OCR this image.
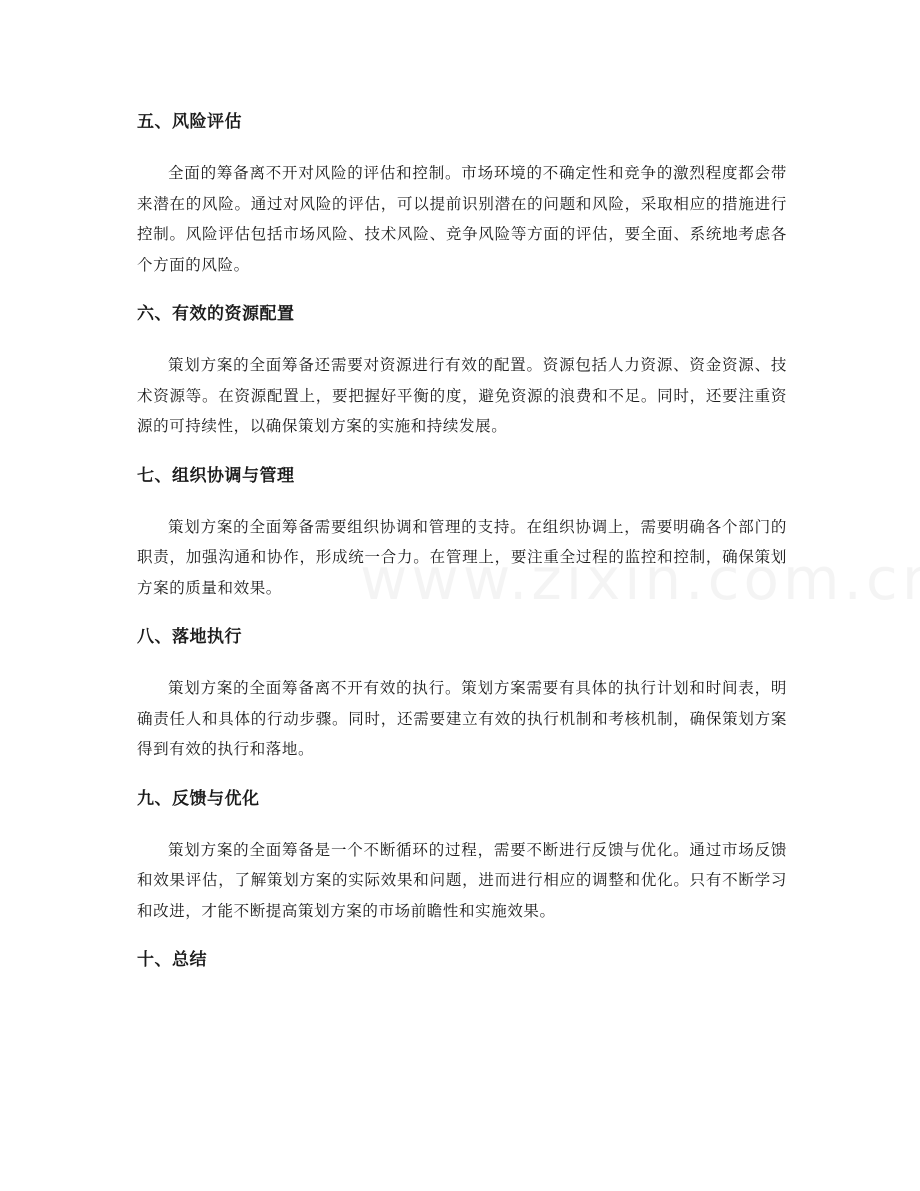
五、风险评估

全面的筹备离不开对风险的评估和控制。市场环境的不确定性和竞争的激烈程度都会带来潜在的风险。通过对风险的评估，可以提前识别潜在的问题和风险，采取相应的措施进行控制。风险评估包括市场风险、技术风险、竞争风险等方面的评估，要全面、系统地考虑各个方面的风险。

六、有效的资源配置

策划方案的全面筹备还需要对资源进行有效的配置。资源包括人力资源、资金资源、技术资源等。在资源配置上，要把握好平衡的度，避免资源的浪费和不足。同时，还要注重资源的可持续性，以确保策划方案的实施和持续发展。

七、组织协调与管理

策划方案的全面筹备需要组织协调和管理的支持。在组织协调上，需要明确各个部门的职责，加强沟通和协作，形成统一合力。在管理上，要注重全过程的监控和控制，确保策划方案的质量和效果。

八、落地执行

策划方案的全面筹备离不开有效的执行。策划方案需要有具体的执行计划和时间表，明确责任人和具体的行动步骤。同时，还需要建立有效的执行机制和考核机制，确保策划方案得到有效的执行和落地。

九、反馈与优化

策划方案的全面筹备是一个不断循环的过程，需要不断进行反馈与优化。通过市场反馈和效果评估，了解策划方案的实际效果和问题，进而进行相应的调整和优化。只有不断学习和改进，才能不断提高策划方案的市场前瞻性和实施效果。

十、总结
